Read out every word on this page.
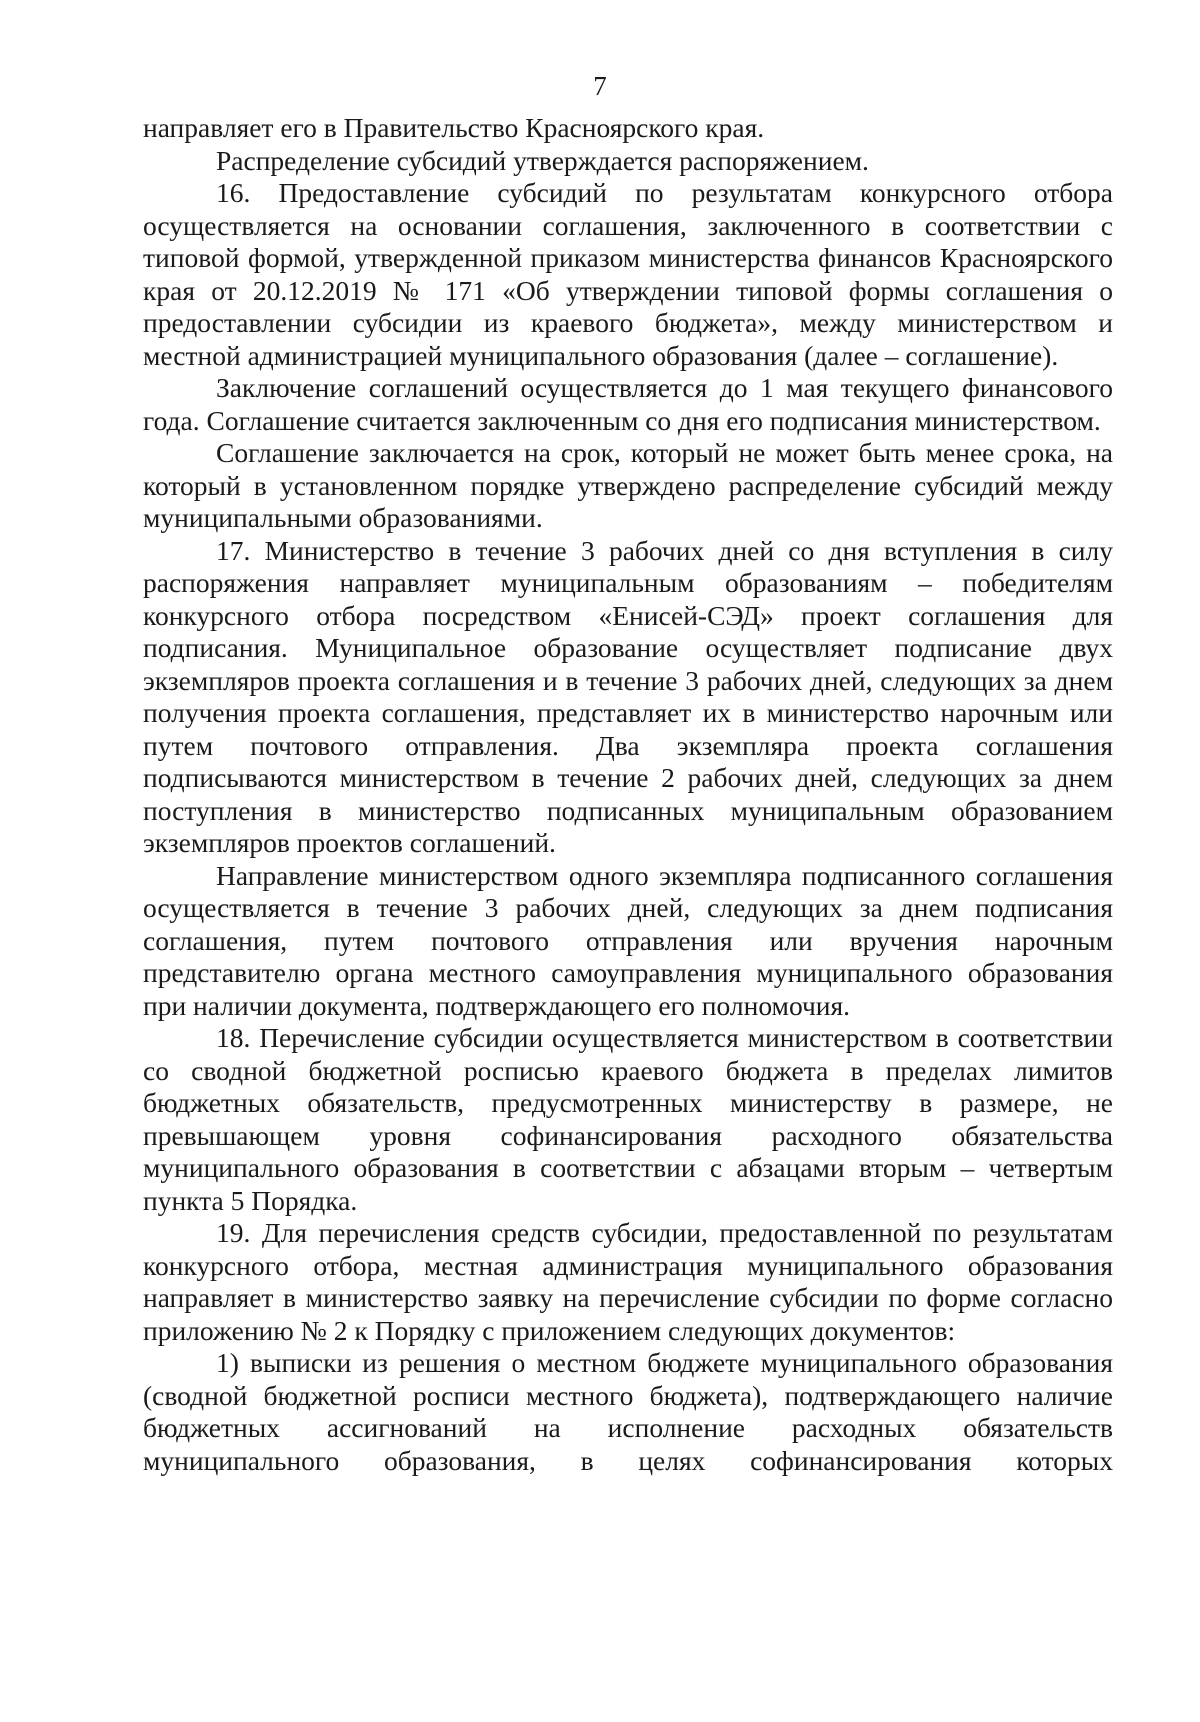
7

направляет его в Правительство Красноярского края.

Распределение субсидий утверждается распоряжением.

16. Предоставление субсидий по результатам конкурсного отбора осуществляется на основании соглашения, заключенного в соответствии с типовой формой, утвержденной приказом министерства финансов Красноярского края от 20.12.2019 № 171 «Об утверждении типовой формы соглашения о предоставлении субсидии из краевого бюджета», между министерством и местной администрацией муниципального образования (далее – соглашение).

Заключение соглашений осуществляется до 1 мая текущего финансового года. Соглашение считается заключенным со дня его подписания министерством.

Соглашение заключается на срок, который не может быть менее срока, на который в установленном порядке утверждено распределение субсидий между муниципальными образованиями.

17. Министерство в течение 3 рабочих дней со дня вступления в силу распоряжения направляет муниципальным образованиям – победителям конкурсного отбора посредством «Енисей-СЭД» проект соглашения для подписания. Муниципальное образование осуществляет подписание двух экземпляров проекта соглашения и в течение 3 рабочих дней, следующих за днем получения проекта соглашения, представляет их в министерство нарочным или путем почтового отправления. Два экземпляра проекта соглашения подписываются министерством в течение 2 рабочих дней, следующих за днем поступления в министерство подписанных муниципальным образованием экземпляров проектов соглашений.

Направление министерством одного экземпляра подписанного соглашения осуществляется в течение 3 рабочих дней, следующих за днем подписания соглашения, путем почтового отправления или вручения нарочным представителю органа местного самоуправления муниципального образования при наличии документа, подтверждающего его полномочия.

18. Перечисление субсидии осуществляется министерством в соответствии со сводной бюджетной росписью краевого бюджета в пределах лимитов бюджетных обязательств, предусмотренных министерству в размере, не превышающем уровня софинансирования расходного обязательства муниципального образования в соответствии с абзацами вторым – четвертым пункта 5 Порядка.

19. Для перечисления средств субсидии, предоставленной по результатам конкурсного отбора, местная администрация муниципального образования направляет в министерство заявку на перечисление субсидии по форме согласно приложению № 2 к Порядку с приложением следующих документов:

1) выписки из решения о местном бюджете муниципального образования (сводной бюджетной росписи местного бюджета), подтверждающего наличие бюджетных ассигнований на исполнение расходных обязательств муниципального образования, в целях софинансирования которых
